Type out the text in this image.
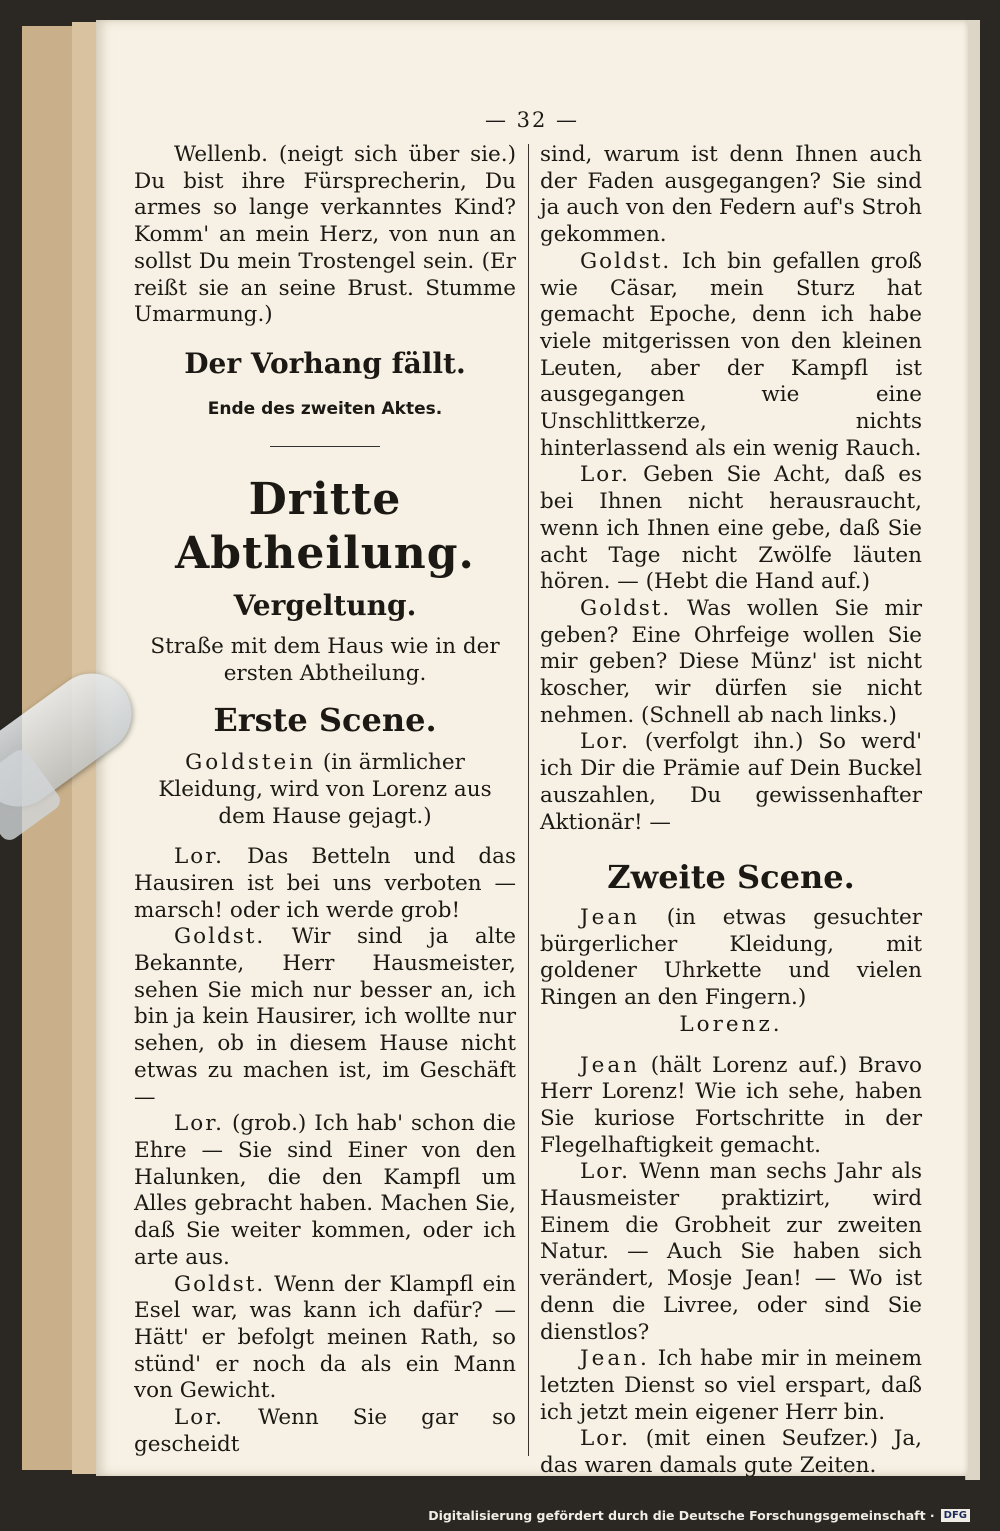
— 32 —

Wellenb. (neigt sich über sie.) Du bist ihre Fürsprecherin, Du armes so lange verkanntes Kind? Komm' an mein Herz, von nun an sollst Du mein Trostengel sein. (Er reißt sie an seine Brust. Stumme Umarmung.)

Der Vorhang fällt.
Ende des zweiten Aktes.
Dritte Abtheilung.
Vergeltung.

Straße mit dem Haus wie in der ersten Abtheilung.

Erste Scene.

Goldstein (in ärmlicher Kleidung, wird von Lorenz aus dem Hause gejagt.)

Lor. Das Betteln und das Hausiren ist bei uns verboten — marsch! oder ich werde grob!

Goldst. Wir sind ja alte Bekannte, Herr Hausmeister, sehen Sie mich nur besser an, ich bin ja kein Hausirer, ich wollte nur sehen, ob in diesem Hause nicht etwas zu machen ist, im Geschäft —

Lor. (grob.) Ich hab' schon die Ehre — Sie sind Einer von den Halunken, die den Kampfl um Alles gebracht haben. Machen Sie, daß Sie weiter kommen, oder ich arte aus.

Goldst. Wenn der Klampfl ein Esel war, was kann ich dafür? — Hätt' er befolgt meinen Rath, so stünd' er noch da als ein Mann von Gewicht.

Lor. Wenn Sie gar so gescheidt

sind, warum ist denn Ihnen auch der Faden ausgegangen? Sie sind ja auch von den Federn auf's Stroh gekommen.

Goldst. Ich bin gefallen groß wie Cäsar, mein Sturz hat gemacht Epoche, denn ich habe viele mitgerissen von den kleinen Leuten, aber der Kampfl ist ausgegangen wie eine Unschlittkerze, nichts hinterlassend als ein wenig Rauch.

Lor. Geben Sie Acht, daß es bei Ihnen nicht herausraucht, wenn ich Ihnen eine gebe, daß Sie acht Tage nicht Zwölfe läuten hören. — (Hebt die Hand auf.)

Goldst. Was wollen Sie mir geben? Eine Ohrfeige wollen Sie mir geben? Diese Münz' ist nicht koscher, wir dürfen sie nicht nehmen. (Schnell ab nach links.)

Lor. (verfolgt ihn.) So werd' ich Dir die Prämie auf Dein Buckel auszahlen, Du gewissenhafter Aktionär! —

Zweite Scene.

Jean (in etwas gesuchter bürgerlicher Kleidung, mit goldener Uhrkette und vielen Ringen an den Fingern.)

Lorenz.

Jean (hält Lorenz auf.) Bravo Herr Lorenz! Wie ich sehe, haben Sie kuriose Fortschritte in der Flegelhaftigkeit gemacht.

Lor. Wenn man sechs Jahr als Hausmeister praktizirt, wird Einem die Grobheit zur zweiten Natur. — Auch Sie haben sich verändert, Mosje Jean! — Wo ist denn die Livree, oder sind Sie dienstlos?

Jean. Ich habe mir in meinem letzten Dienst so viel erspart, daß ich jetzt mein eigener Herr bin.

Lor. (mit einen Seufzer.) Ja, das waren damals gute Zeiten.

Digitalisierung gefördert durch die Deutsche Forschungsgemeinschaft · DFG
